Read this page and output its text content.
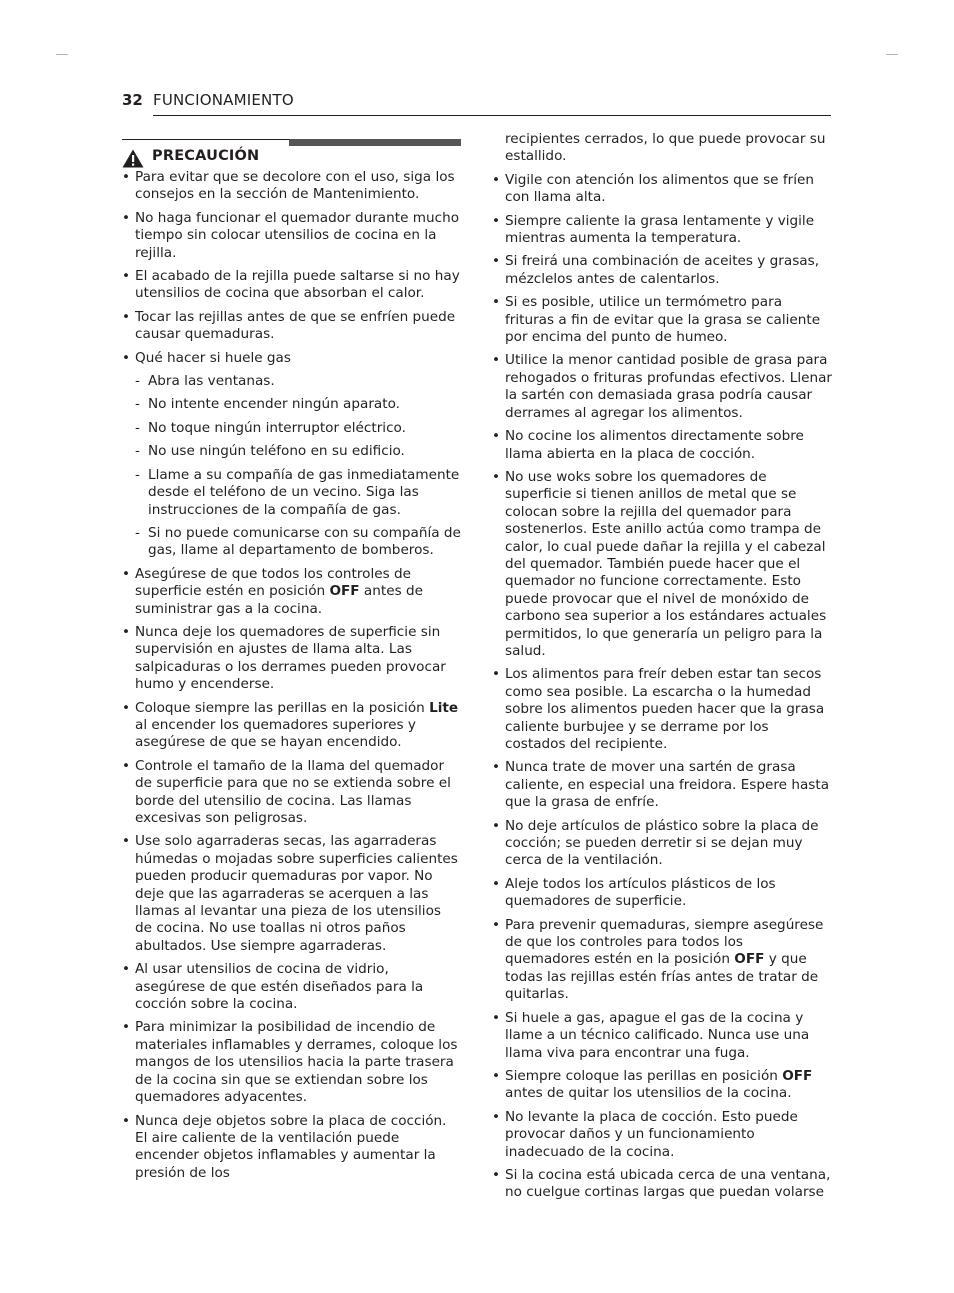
32 FUNCIONAMIENTO
PRECAUCIÓN
• Para evitar que se decolore con el uso, siga los consejos en la sección de Mantenimiento.
• No haga funcionar el quemador durante mucho tiempo sin colocar utensilios de cocina en la rejilla.
• El acabado de la rejilla puede saltarse si no hay utensilios de cocina que absorban el calor.
• Tocar las rejillas antes de que se enfríen puede causar quemaduras.
• Qué hacer si huele gas
- Abra las ventanas.
- No intente encender ningún aparato.
- No toque ningún interruptor eléctrico.
- No use ningún teléfono en su edificio.
- Llame a su compañía de gas inmediatamente desde el teléfono de un vecino. Siga las instrucciones de la compañía de gas.
- Si no puede comunicarse con su compañía de gas, llame al departamento de bomberos.
• Asegúrese de que todos los controles de superficie estén en posición OFF antes de suministrar gas a la cocina.
• Nunca deje los quemadores de superficie sin supervisión en ajustes de llama alta. Las salpicaduras o los derrames pueden provocar humo y encenderse.
• Coloque siempre las perillas en la posición Lite al encender los quemadores superiores y asegúrese de que se hayan encendido.
• Controle el tamaño de la llama del quemador de superficie para que no se extienda sobre el borde del utensilio de cocina. Las llamas excesivas son peligrosas.
• Use solo agarraderas secas, las agarraderas húmedas o mojadas sobre superficies calientes pueden producir quemaduras por vapor. No deje que las agarraderas se acerquen a las llamas al levantar una pieza de los utensilios de cocina. No use toallas ni otros paños abultados. Use siempre agarraderas.
• Al usar utensilios de cocina de vidrio, asegúrese de que estén diseñados para la cocción sobre la cocina.
• Para minimizar la posibilidad de incendio de materiales inflamables y derrames, coloque los mangos de los utensilios hacia la parte trasera de la cocina sin que se extiendan sobre los quemadores adyacentes.
• Nunca deje objetos sobre la placa de cocción. El aire caliente de la ventilación puede encender objetos inflamables y aumentar la presión de los
recipientes cerrados, lo que puede provocar su estallido.
• Vigile con atención los alimentos que se fríen con llama alta.
• Siempre caliente la grasa lentamente y vigile mientras aumenta la temperatura.
• Si freirá una combinación de aceites y grasas, mézclelos antes de calentarlos.
• Si es posible, utilice un termómetro para frituras a fin de evitar que la grasa se caliente por encima del punto de humeo.
• Utilice la menor cantidad posible de grasa para rehogados o frituras profundas efectivos. Llenar la sartén con demasiada grasa podría causar derrames al agregar los alimentos.
• No cocine los alimentos directamente sobre llama abierta en la placa de cocción.
• No use woks sobre los quemadores de superficie si tienen anillos de metal que se colocan sobre la rejilla del quemador para sostenerlos. Este anillo actúa como trampa de calor, lo cual puede dañar la rejilla y el cabezal del quemador. También puede hacer que el quemador no funcione correctamente. Esto puede provocar que el nivel de monóxido de carbono sea superior a los estándares actuales permitidos, lo que generaría un peligro para la salud.
• Los alimentos para freír deben estar tan secos como sea posible. La escarcha o la humedad sobre los alimentos pueden hacer que la grasa caliente burbujee y se derrame por los costados del recipiente.
• Nunca trate de mover una sartén de grasa caliente, en especial una freidora. Espere hasta que la grasa de enfríe.
• No deje artículos de plástico sobre la placa de cocción; se pueden derretir si se dejan muy cerca de la ventilación.
• Aleje todos los artículos plásticos de los quemadores de superficie.
• Para prevenir quemaduras, siempre asegúrese de que los controles para todos los quemadores estén en la posición OFF y que todas las rejillas estén frías antes de tratar de quitarlas.
• Si huele a gas, apague el gas de la cocina y llame a un técnico calificado. Nunca use una llama viva para encontrar una fuga.
• Siempre coloque las perillas en posición OFF antes de quitar los utensilios de la cocina.
• No levante la placa de cocción. Esto puede provocar daños y un funcionamiento inadecuado de la cocina.
• Si la cocina está ubicada cerca de una ventana, no cuelgue cortinas largas que puedan volarse
